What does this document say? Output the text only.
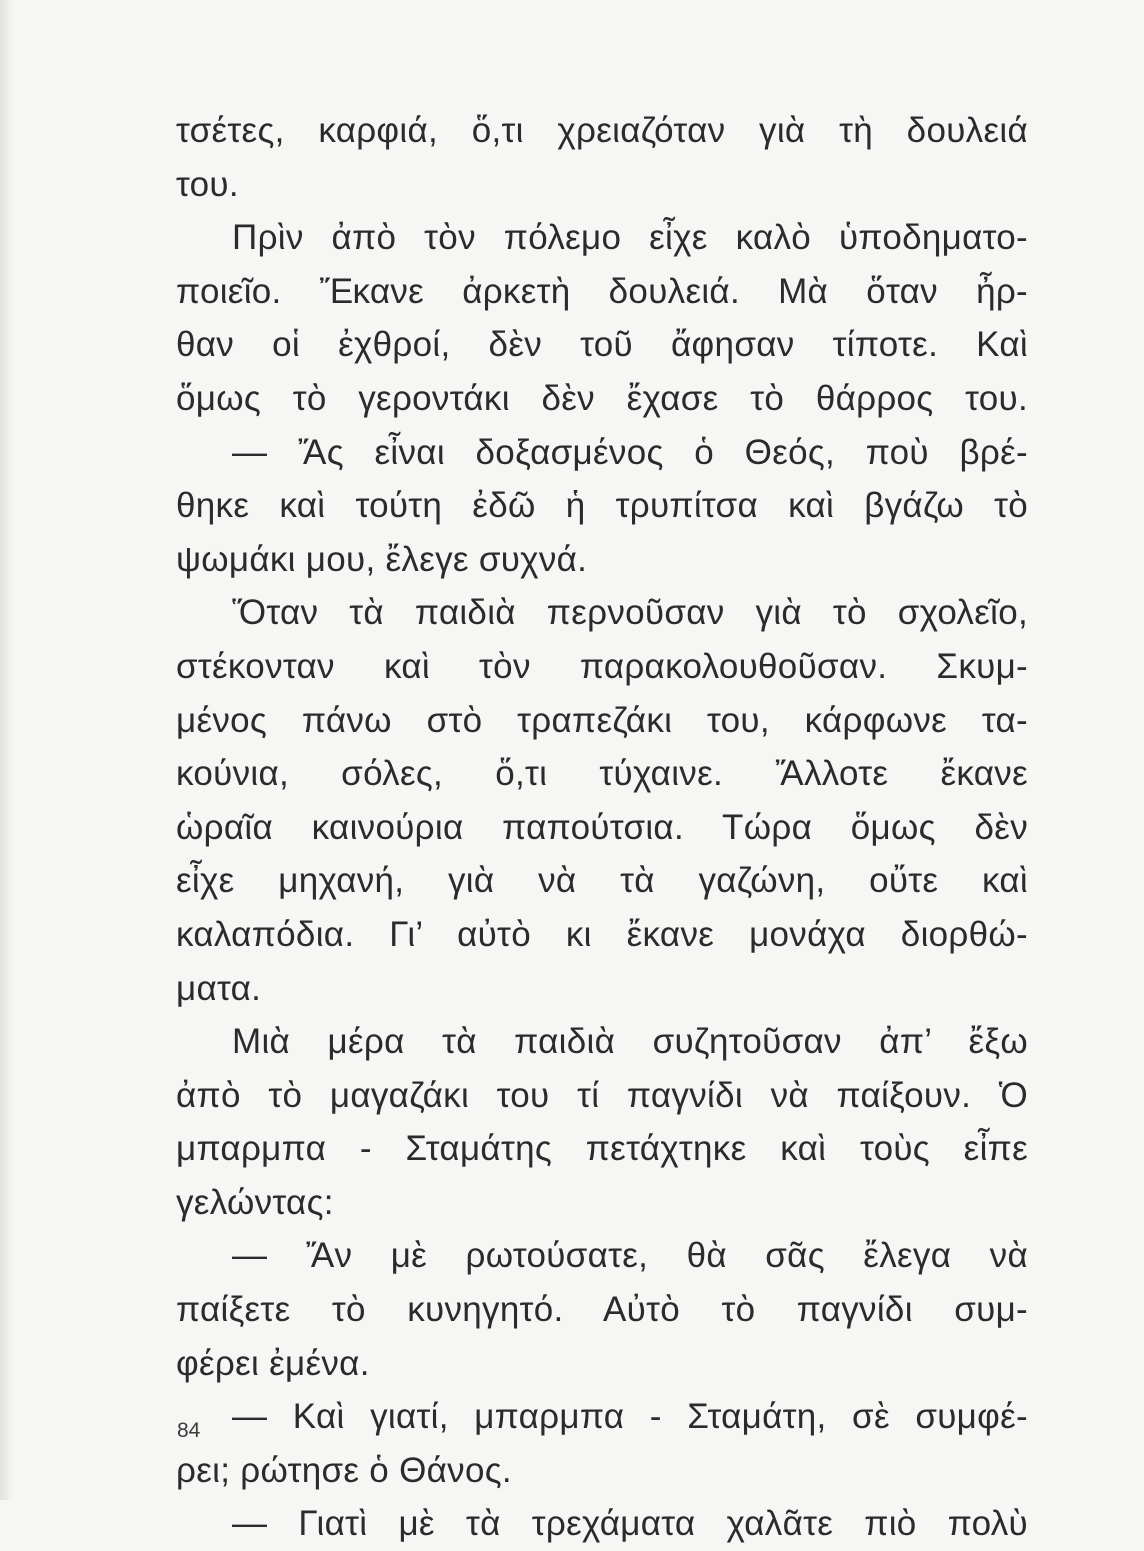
τσέτες, καρφιά, ὅ,τι χρειαζόταν γιὰ τὴ δουλειά
του.
Πρὶν ἀπὸ τὸν πόλεμο εἶχε καλὸ ὑποδηματο-
ποιεῖο. Ἔκανε ἀρκετὴ δουλειά. Μὰ ὅταν ἦρ-
θαν οἱ ἐχθροί, δὲν τοῦ ἄφησαν τίποτε. Καὶ
ὅμως τὸ γεροντάκι δὲν ἔχασε τὸ θάρρος του.
— Ἄς εἶναι δοξασμένος ὁ Θεός, ποὺ βρέ-
θηκε καὶ τούτη ἐδῶ ἡ τρυπίτσα καὶ βγάζω τὸ
ψωμάκι μου, ἔλεγε συχνά.
Ὅταν τὰ παιδιὰ περνοῦσαν γιὰ τὸ σχολεῖο,
στέκονταν καὶ τὸν παρακολουθοῦσαν. Σκυμ-
μένος πάνω στὸ τραπεζάκι του, κάρφωνε τα-
κούνια, σόλες, ὅ,τι τύχαινε. Ἄλλοτε ἔκανε
ὡραῖα καινούρια παπούτσια. Τώρα ὅμως δὲν
εἶχε μηχανή, γιὰ νὰ τὰ γαζώνη, οὔτε καὶ
καλαπόδια. Γι’ αὐτὸ κι ἔκανε μονάχα διορθώ-
ματα.
Μιὰ μέρα τὰ παιδιὰ συζητοῦσαν ἀπ’ ἔξω
ἀπὸ τὸ μαγαζάκι του τί παγνίδι νὰ παίξουν. Ὁ
μπαρμπα - Σταμάτης πετάχτηκε καὶ τοὺς εἶπε
γελώντας:
— Ἄν μὲ ρωτούσατε, θὰ σᾶς ἔλεγα νὰ
παίξετε τὸ κυνηγητό. Αὐτὸ τὸ παγνίδι συμ-
φέρει ἐμένα.
— Καὶ γιατί, μπαρμπα - Σταμάτη, σὲ συμφέ-
ρει; ρώτησε ὁ Θάνος.
— Γιατὶ μὲ τὰ τρεχάματα χαλᾶτε πιὸ πολὺ
84
